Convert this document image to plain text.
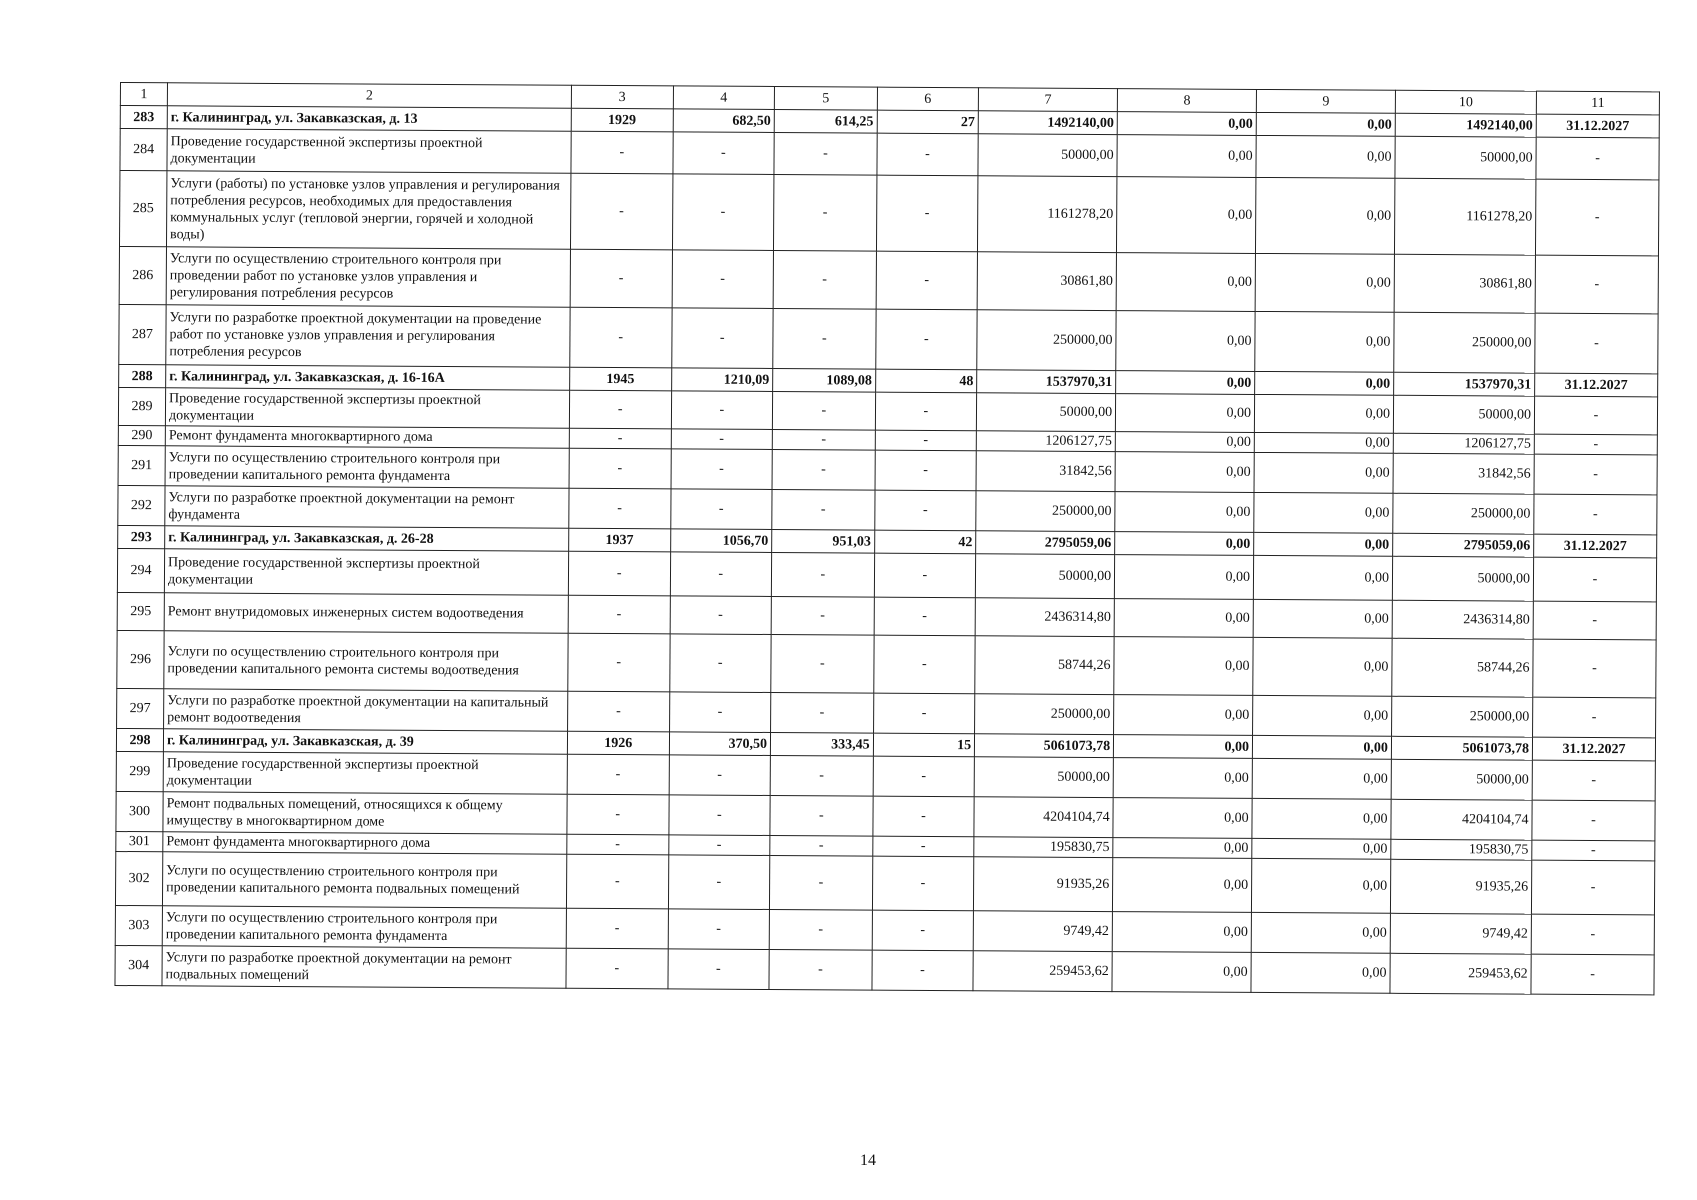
1	2	3	4	5	6	7	8	9	10	11
283	г. Калининград, ул. Закавказская, д. 13	1929	682,50	614,25	27	1492140,00	0,00	0,00	1492140,00	31.12.2027
284	Проведение государственной экспертизы проектной документации	-	-	-	-	50000,00	0,00	0,00	50000,00	-
285	Услуги (работы) по установке узлов управления и регулирования потребления ресурсов, необходимых для предоставления коммунальных услуг (тепловой энергии, горячей и холодной воды)	-	-	-	-	1161278,20	0,00	0,00	1161278,20	-
286	Услуги по осуществлению строительного контроля при проведении работ по установке узлов управления и регулирования потребления ресурсов	-	-	-	-	30861,80	0,00	0,00	30861,80	-
287	Услуги по разработке проектной документации на проведение работ по установке узлов управления и регулирования потребления ресурсов	-	-	-	-	250000,00	0,00	0,00	250000,00	-
288	г. Калининград, ул. Закавказская, д. 16-16А	1945	1210,09	1089,08	48	1537970,31	0,00	0,00	1537970,31	31.12.2027
289	Проведение государственной экспертизы проектной документации	-	-	-	-	50000,00	0,00	0,00	50000,00	-
290	Ремонт фундамента многоквартирного дома	-	-	-	-	1206127,75	0,00	0,00	1206127,75	-
291	Услуги по осуществлению строительного контроля при проведении капитального ремонта фундамента	-	-	-	-	31842,56	0,00	0,00	31842,56	-
292	Услуги по разработке проектной документации на ремонт фундамента	-	-	-	-	250000,00	0,00	0,00	250000,00	-
293	г. Калининград, ул. Закавказская, д. 26-28	1937	1056,70	951,03	42	2795059,06	0,00	0,00	2795059,06	31.12.2027
294	Проведение государственной экспертизы проектной документации	-	-	-	-	50000,00	0,00	0,00	50000,00	-
295	Ремонт внутридомовых инженерных систем водоотведения	-	-	-	-	2436314,80	0,00	0,00	2436314,80	-
296	Услуги по осуществлению строительного контроля при проведении капитального ремонта системы водоотведения	-	-	-	-	58744,26	0,00	0,00	58744,26	-
297	Услуги по разработке проектной документации на капитальный ремонт водоотведения	-	-	-	-	250000,00	0,00	0,00	250000,00	-
298	г. Калининград, ул. Закавказская, д. 39	1926	370,50	333,45	15	5061073,78	0,00	0,00	5061073,78	31.12.2027
299	Проведение государственной экспертизы проектной документации	-	-	-	-	50000,00	0,00	0,00	50000,00	-
300	Ремонт подвальных помещений, относящихся к общему имуществу в многоквартирном доме	-	-	-	-	4204104,74	0,00	0,00	4204104,74	-
301	Ремонт фундамента многоквартирного дома	-	-	-	-	195830,75	0,00	0,00	195830,75	-
302	Услуги по осуществлению строительного контроля при проведении капитального ремонта подвальных помещений	-	-	-	-	91935,26	0,00	0,00	91935,26	-
303	Услуги по осуществлению строительного контроля при проведении капитального ремонта фундамента	-	-	-	-	9749,42	0,00	0,00	9749,42	-
304	Услуги по разработке проектной документации на ремонт подвальных помещений	-	-	-	-	259453,62	0,00	0,00	259453,62	-
14
